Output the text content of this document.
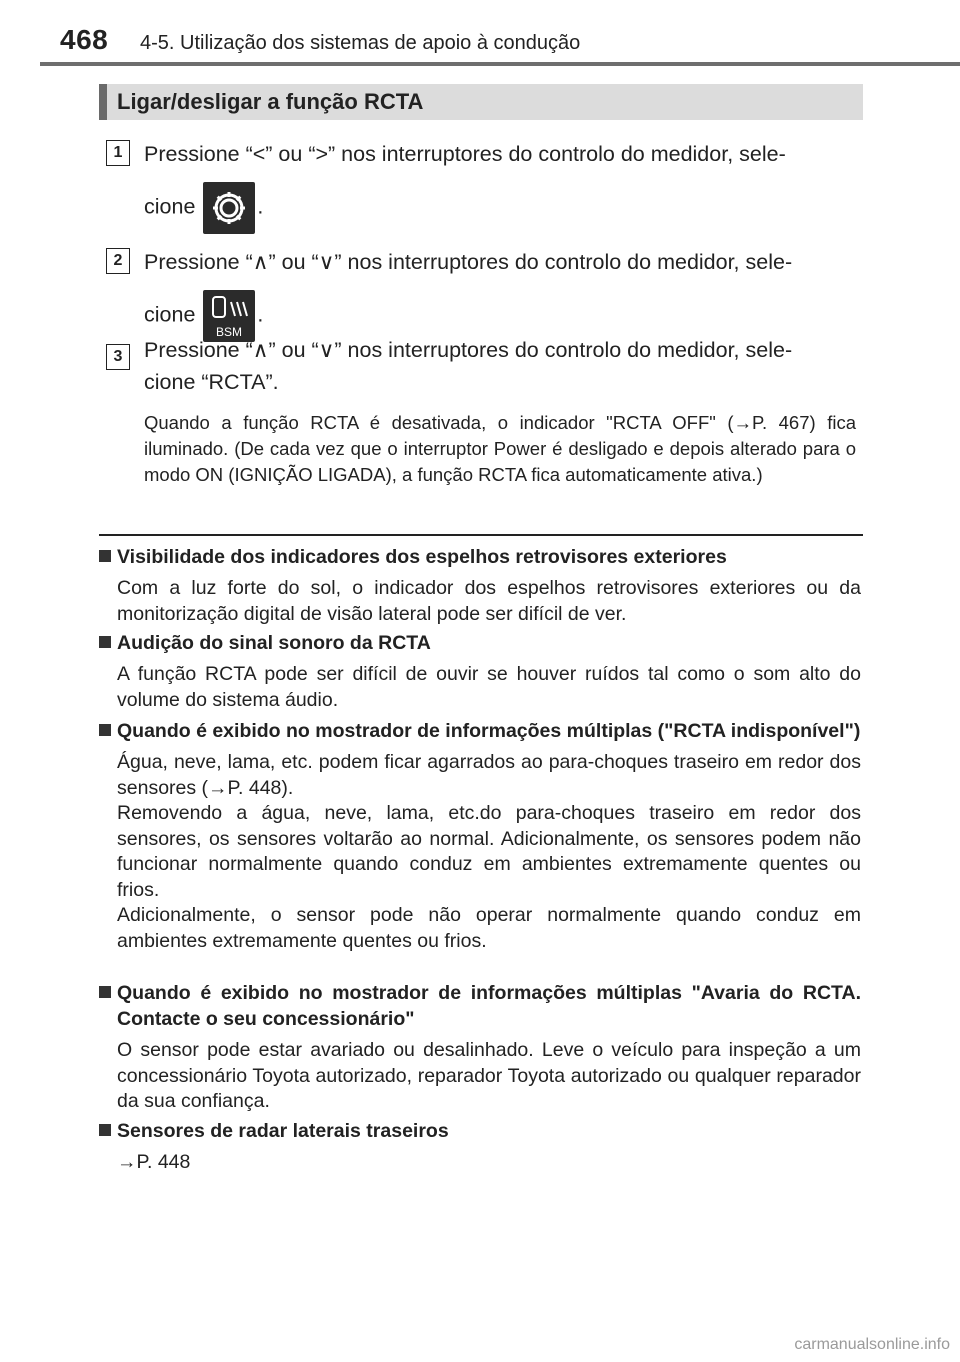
468 4-5. Utilização dos sistemas de apoio à condução
Ligar/desligar a função RCTA
1	Pressione “<” ou “>” nos interruptores do controlo do medidor, sele-
cione	.
2	Pressione “∧” ou “∨” nos interruptores do controlo do medidor, sele-
cione
BSM
.
3	Pressione “∧” ou “∨” nos interruptores do controlo do medidor, sele-
cione “RCTA”.
Quando a função RCTA é desativada, o indicador "RCTA OFF" (→P. 467) fica iluminado. (De cada vez que o interruptor Power é desligado e depois alterado para o modo ON (IGNIÇÃO LIGADA), a função RCTA fica automaticamente ativa.)
Visibilidade dos indicadores dos espelhos retrovisores exteriores
Com a luz forte do sol, o indicador dos espelhos retrovisores exteriores ou da monitorização digital de visão lateral pode ser difícil de ver.
Audição do sinal sonoro da RCTA
A função RCTA pode ser difícil de ouvir se houver ruídos tal como o som alto do volume do sistema áudio.
Quando é exibido no mostrador de informações múltiplas ("RCTA indisponível")
Água, neve, lama, etc. podem ficar agarrados ao para-choques traseiro em redor dos sensores (→P. 448).
Removendo a água, neve, lama, etc.do para-choques traseiro em redor dos sensores, os sensores voltarão ao normal. Adicionalmente, os sensores podem não funcionar normalmente quando conduz em ambientes extremamente quentes ou frios.
Adicionalmente, o sensor pode não operar normalmente quando conduz em ambientes extremamente quentes ou frios.
Quando é exibido no mostrador de informações múltiplas "Avaria do RCTA. Contacte o seu concessionário"
O sensor pode estar avariado ou desalinhado. Leve o veículo para inspeção a um concessionário Toyota autorizado, reparador Toyota autorizado ou qualquer reparador da sua confiança.
Sensores de radar laterais traseiros
→P. 448
carmanualsonline.info
